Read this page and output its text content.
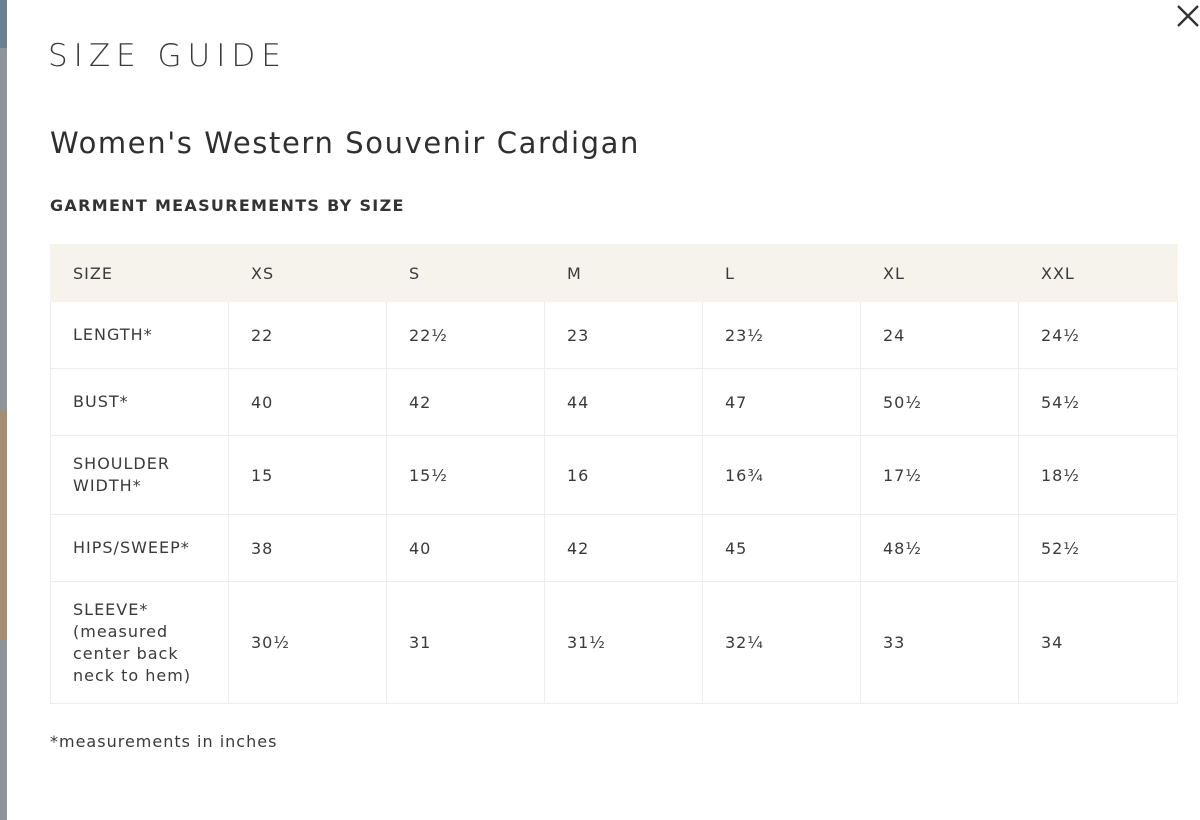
SIZE GUIDE
Women's Western Souvenir Cardigan
GARMENT MEASUREMENTS BY SIZE
SIZE	XS	S	M	L	XL	XXL
LENGTH*	22	22½	23	23½	24	24½
BUST*	40	42	44	47	50½	54½
SHOULDER WIDTH*	15	15½	16	16¾	17½	18½
HIPS/SWEEP*	38	40	42	45	48½	52½
SLEEVE* (measured center back neck to hem)	30½	31	31½	32¼	33	34

*measurements in inches
